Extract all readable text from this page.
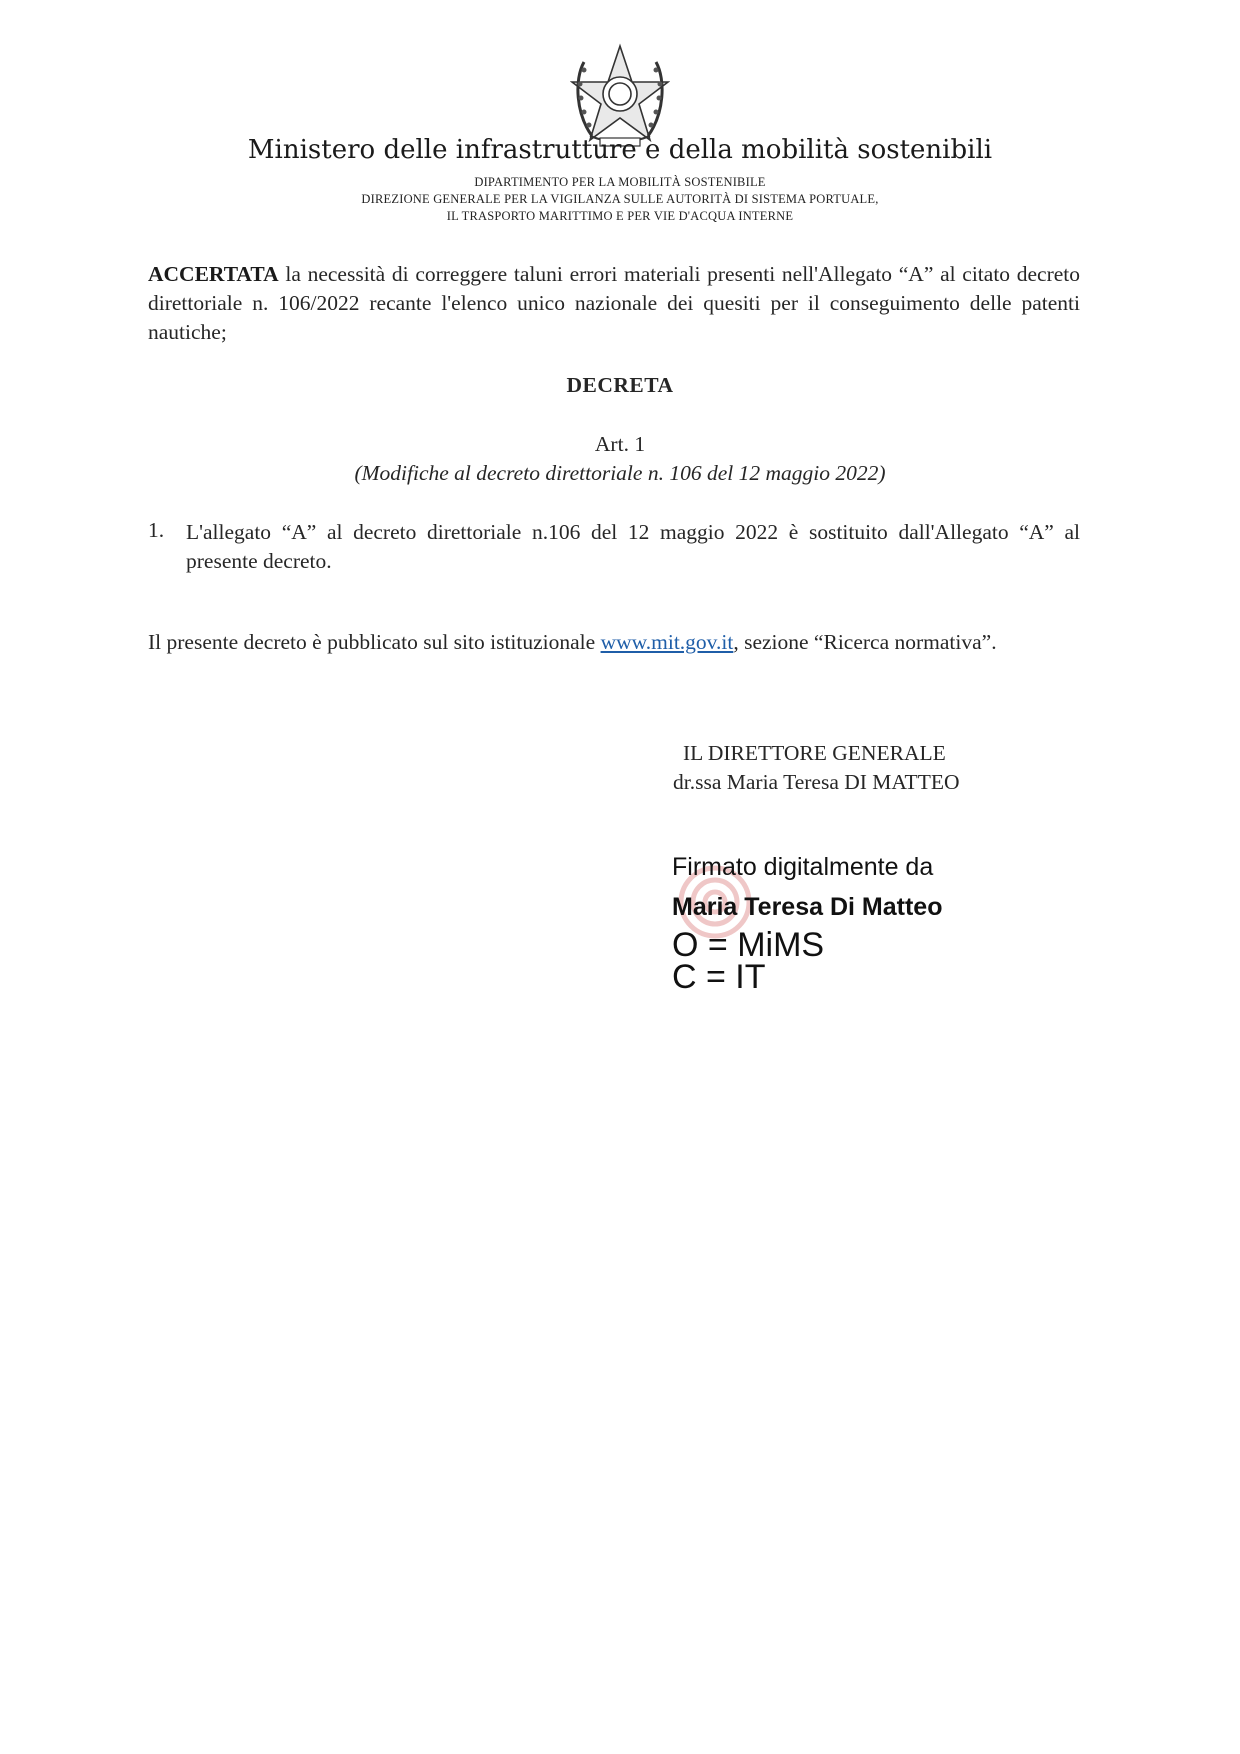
Ministero delle infrastrutture e della mobilità sostenibili
DIPARTIMENTO PER LA MOBILITÀ SOSTENIBILE
DIREZIONE GENERALE PER LA VIGILANZA SULLE AUTORITÀ DI SISTEMA PORTUALE,
IL TRASPORTO MARITTIMO E PER VIE D'ACQUA INTERNE
ACCERTATA la necessità di correggere taluni errori materiali presenti nell'Allegato “A” al citato decreto direttoriale n. 106/2022 recante l'elenco unico nazionale dei quesiti per il conseguimento delle patenti nautiche;
DECRETA
Art. 1
(Modifiche al decreto direttoriale n. 106 del 12 maggio 2022)
1. L'allegato “A” al decreto direttoriale n.106 del 12 maggio 2022 è sostituito dall'Allegato “A” al presente decreto.
Il presente decreto è pubblicato sul sito istituzionale www.mit.gov.it, sezione “Ricerca normativa”.
IL DIRETTORE GENERALE
dr.ssa Maria Teresa DI MATTEO
Firmato digitalmente da
Maria Teresa Di Matteo
O = MiMS
C = IT
